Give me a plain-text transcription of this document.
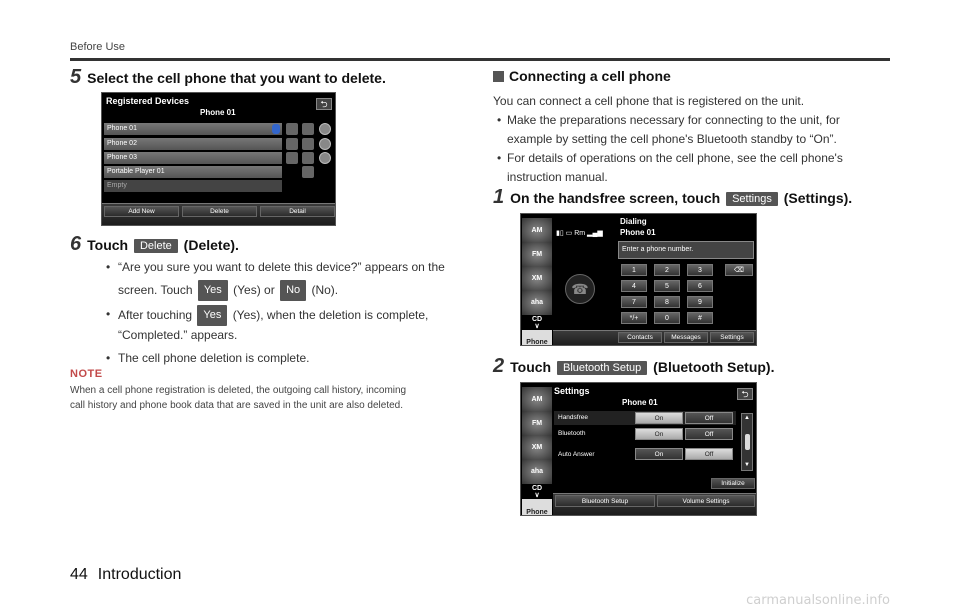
Before Use
5 Select the cell phone that you want to delete.
Registered Devices
Phone 01
⮌
Phone 01
Phone 02
Phone 03
Portable Player 01
Empty
Add New	Delete	Detail
6 Touch Delete (Delete).
• “Are you sure you want to delete this device?” appears on the
screen. Touch Yes (Yes) or No (No).
• After touching Yes (Yes), when the deletion is complete,
“Completed.” appears.
• The cell phone deletion is complete.
NOTE
When a cell phone registration is deleted, the outgoing call history, incoming
call history and phone book data that are saved in the unit are also deleted.
Connecting a cell phone
You can connect a cell phone that is registered on the unit.
• Make the preparations necessary for connecting to the unit, for
example by setting the cell phone's Bluetooth standby to “On”.
• For details of operations on the cell phone, see the cell phone's
instruction manual.
1 On the handsfree screen, touch Settings (Settings).
AM
FM
XM
aha
CD
∨
Phone
▮▯ ▭ Rm ▂▄▆
Dialing
Phone 01
Enter a phone number.
☎
1	2	3	⌫
4	5	6
7	8	9
*/+	0	#
Contacts	Messages	Settings
2 Touch Bluetooth Setup (Bluetooth Setup).
AM
FM
XM
aha
CD
∨
Phone
Settings
Phone 01
⮌
Handsfree	On	Off
Bluetooth	On	Off
Auto Answer	On	Off
▲
▼
Initialize
Bluetooth Setup	Volume Settings
44 Introduction
carmanualsonline.info
